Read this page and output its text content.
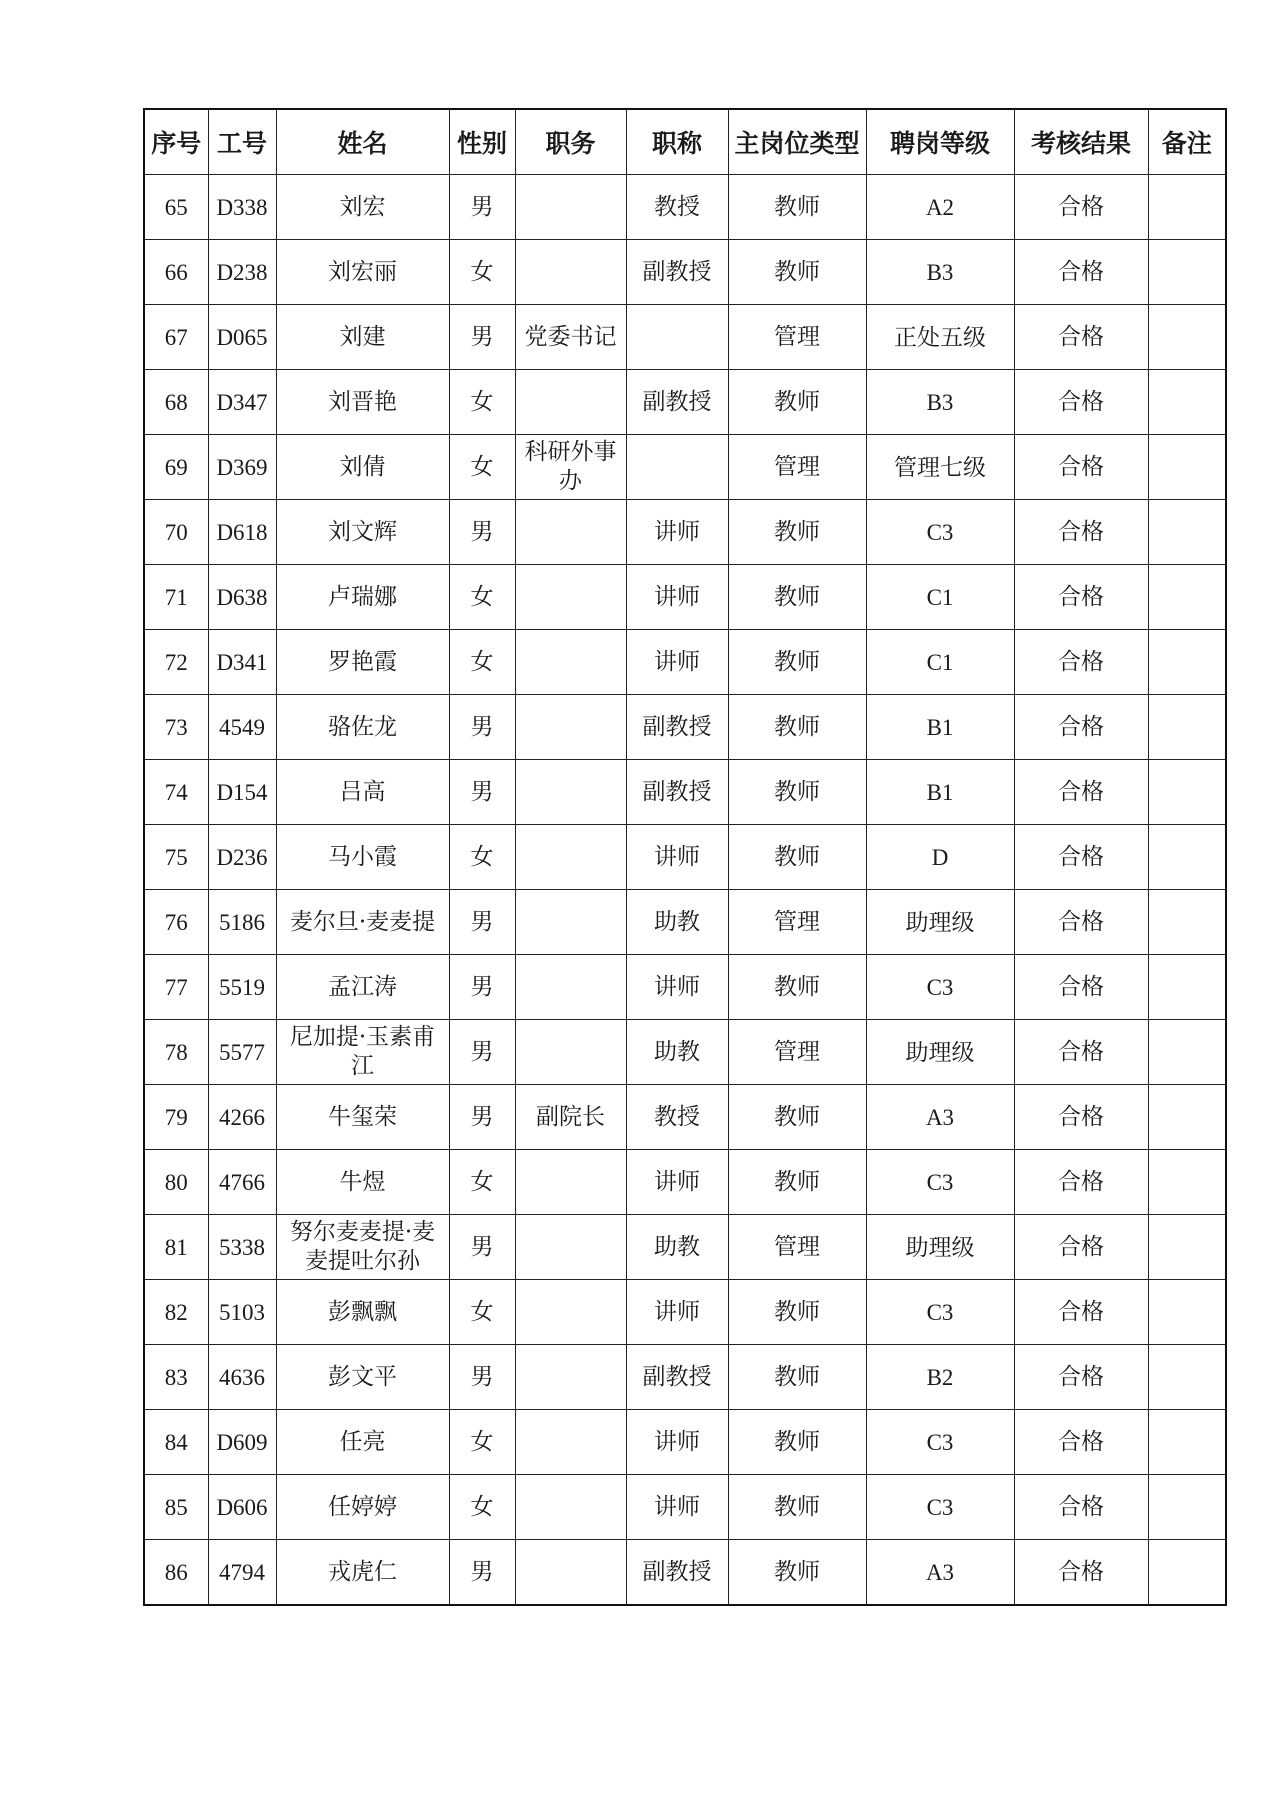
序号	工号	姓名	性别	职务	职称	主岗位类型	聘岗等级	考核结果	备注
65	D338	刘宏	男		教授	教师	A2	合格	
66	D238	刘宏丽	女		副教授	教师	B3	合格	
67	D065	刘建	男	党委书记		管理	正处五级	合格	
68	D347	刘晋艳	女		副教授	教师	B3	合格	
69	D369	刘倩	女	科研外事办		管理	管理七级	合格	
70	D618	刘文辉	男		讲师	教师	C3	合格	
71	D638	卢瑞娜	女		讲师	教师	C1	合格	
72	D341	罗艳霞	女		讲师	教师	C1	合格	
73	4549	骆佐龙	男		副教授	教师	B1	合格	
74	D154	吕高	男		副教授	教师	B1	合格	
75	D236	马小霞	女		讲师	教师	D	合格	
76	5186	麦尔旦·麦麦提	男		助教	管理	助理级	合格	
77	5519	孟江涛	男		讲师	教师	C3	合格	
78	5577	尼加提·玉素甫江	男		助教	管理	助理级	合格	
79	4266	牛玺荣	男	副院长	教授	教师	A3	合格	
80	4766	牛煜	女		讲师	教师	C3	合格	
81	5338	努尔麦麦提·麦麦提吐尔孙	男		助教	管理	助理级	合格	
82	5103	彭飘飘	女		讲师	教师	C3	合格	
83	4636	彭文平	男		副教授	教师	B2	合格	
84	D609	任亮	女		讲师	教师	C3	合格	
85	D606	任婷婷	女		讲师	教师	C3	合格	
86	4794	戎虎仁	男		副教授	教师	A3	合格	
